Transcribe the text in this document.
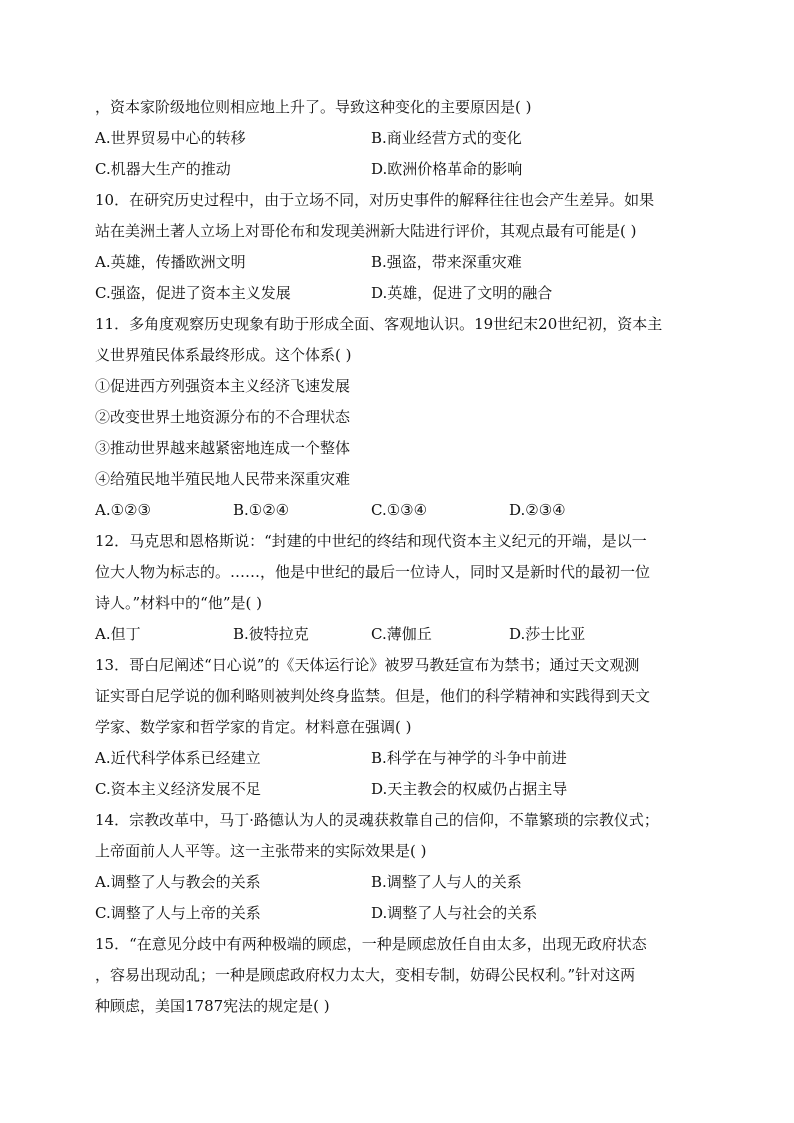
，资本家阶级地位则相应地上升了。导致这种变化的主要原因是( )
A.世界贸易中心的转移	B.商业经营方式的变化
C.机器大生产的推动	D.欧洲价格革命的影响
10．在研究历史过程中，由于立场不同，对历史事件的解释往往也会产生差异。如果
站在美洲土著人立场上对哥伦布和发现美洲新大陆进行评价，其观点最有可能是( )
A.英雄，传播欧洲文明	B.强盗，带来深重灾难
C.强盗，促进了资本主义发展	D.英雄，促进了文明的融合
11．多角度观察历史现象有助于形成全面、客观地认识。19世纪末20世纪初，资本主
义世界殖民体系最终形成。这个体系( )
①促进西方列强资本主义经济飞速发展
②改变世界土地资源分布的不合理状态
③推动世界越来越紧密地连成一个整体
④给殖民地半殖民地人民带来深重灾难
A.①②③	B.①②④	C.①③④	D.②③④
12．马克思和恩格斯说：“封建的中世纪的终结和现代资本主义纪元的开端，是以一
位大人物为标志的。……，他是中世纪的最后一位诗人，同时又是新时代的最初一位
诗人。”材料中的“他”是( )
A.但丁	B.彼特拉克	C.薄伽丘	D.莎士比亚
13．哥白尼阐述“日心说”的《天体运行论》被罗马教廷宣布为禁书；通过天文观测
证实哥白尼学说的伽利略则被判处终身监禁。但是，他们的科学精神和实践得到天文
学家、数学家和哲学家的肯定。材料意在强调( )
A.近代科学体系已经建立	B.科学在与神学的斗争中前进
C.资本主义经济发展不足	D.天主教会的权威仍占据主导
14．宗教改革中，马丁·路德认为人的灵魂获救靠自己的信仰，不靠繁琐的宗教仪式；
上帝面前人人平等。这一主张带来的实际效果是( )
A.调整了人与教会的关系	B.调整了人与人的关系
C.调整了人与上帝的关系	D.调整了人与社会的关系
15．“在意见分歧中有两种极端的顾虑，一种是顾虑放任自由太多，出现无政府状态
，容易出现动乱；一种是顾虑政府权力太大，变相专制，妨碍公民权利。”针对这两
种顾虑，美国1787宪法的规定是( )
